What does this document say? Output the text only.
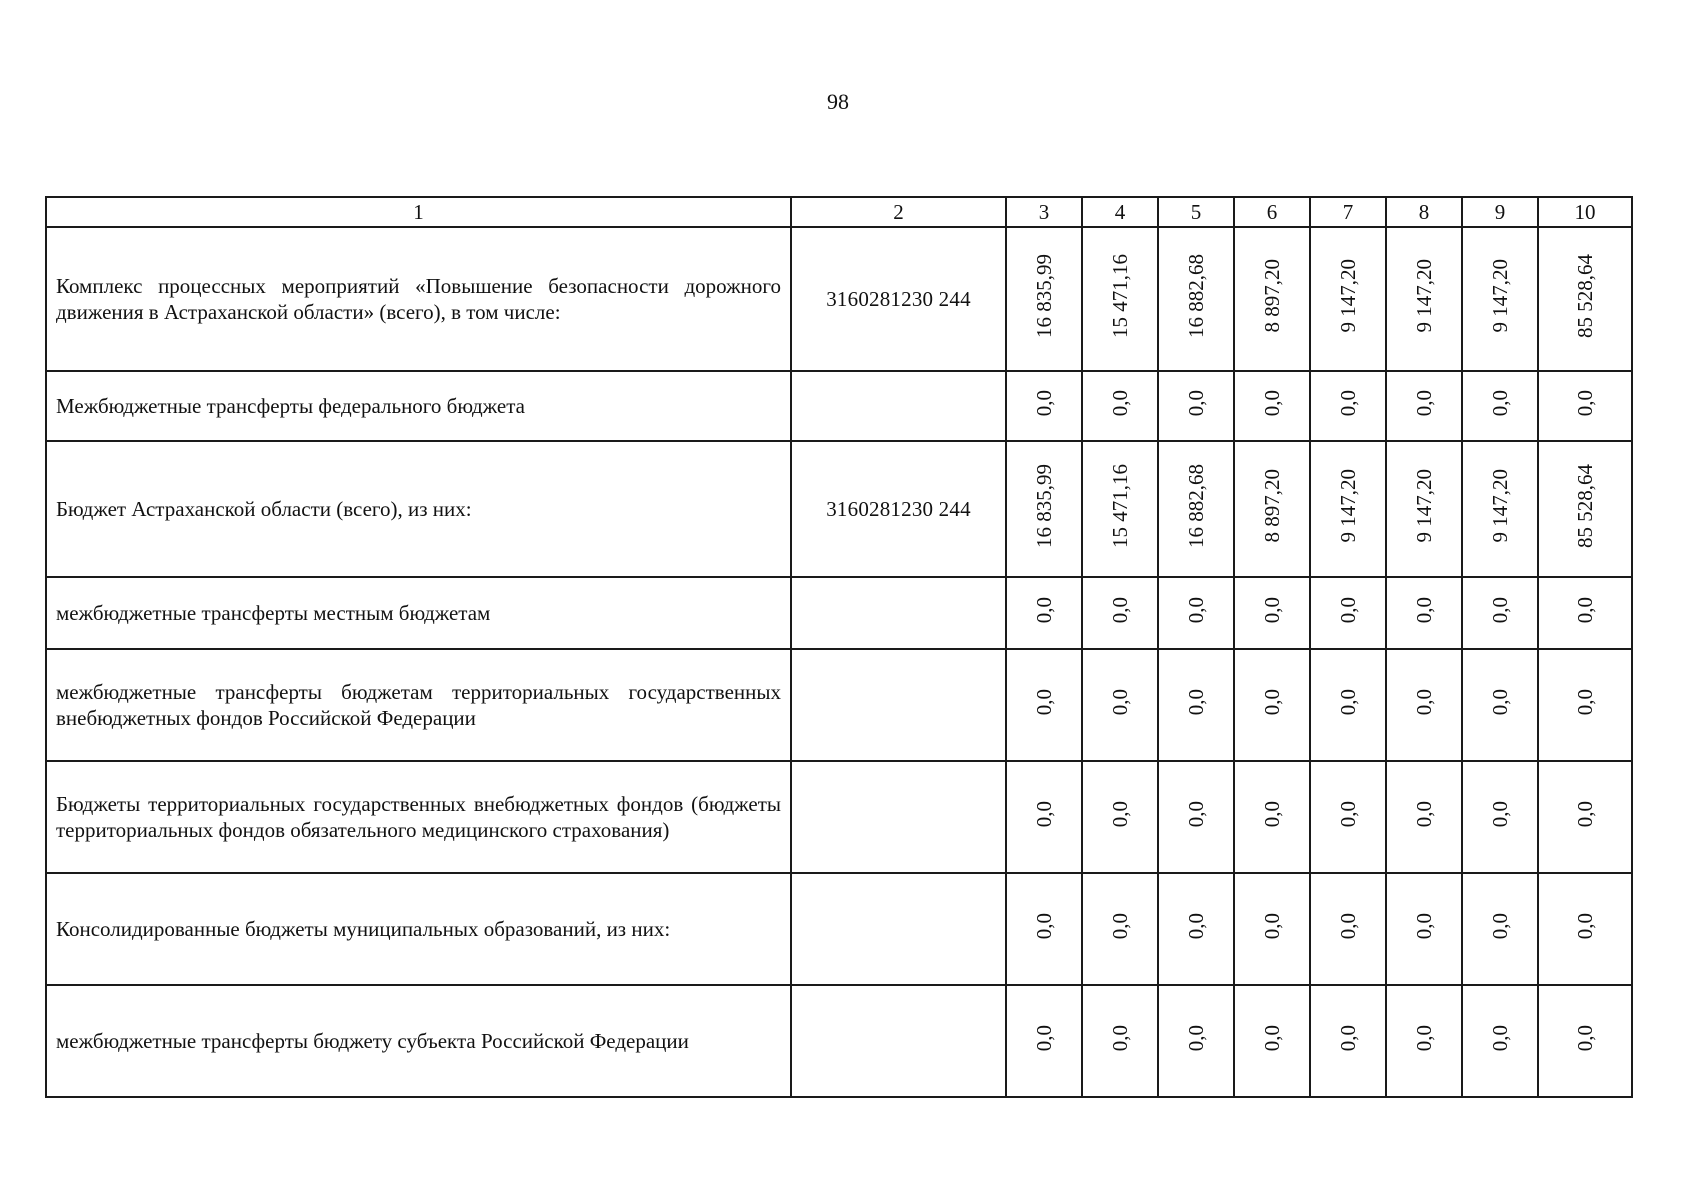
98
1	2	3	4	5	6	7	8	9	10

Комплекс процессных мероприятий «Повышение безопасности дорожного движения в Астраханской области» (всего), в том числе:	3160281230 244	16 835,99	15 471,16	16 882,68	8 897,20	9 147,20	9 147,20	9 147,20	85 528,64

Межбюджетные трансферты федерального бюджета		0,0	0,0	0,0	0,0	0,0	0,0	0,0	0,0

Бюджет Астраханской области (всего), из них:	3160281230 244	16 835,99	15 471,16	16 882,68	8 897,20	9 147,20	9 147,20	9 147,20	85 528,64

межбюджетные трансферты местным бюджетам		0,0	0,0	0,0	0,0	0,0	0,0	0,0	0,0

межбюджетные трансферты бюджетам территориальных государственных внебюджетных фондов Российской Федерации		0,0	0,0	0,0	0,0	0,0	0,0	0,0	0,0

Бюджеты территориальных государственных внебюджетных фондов (бюджеты территориальных фондов обязательного медицинского страхования)		0,0	0,0	0,0	0,0	0,0	0,0	0,0	0,0

Консолидированные бюджеты муниципальных образований, из них:		0,0	0,0	0,0	0,0	0,0	0,0	0,0	0,0

межбюджетные трансферты бюджету субъекта Российской Федерации		0,0	0,0	0,0	0,0	0,0	0,0	0,0	0,0
